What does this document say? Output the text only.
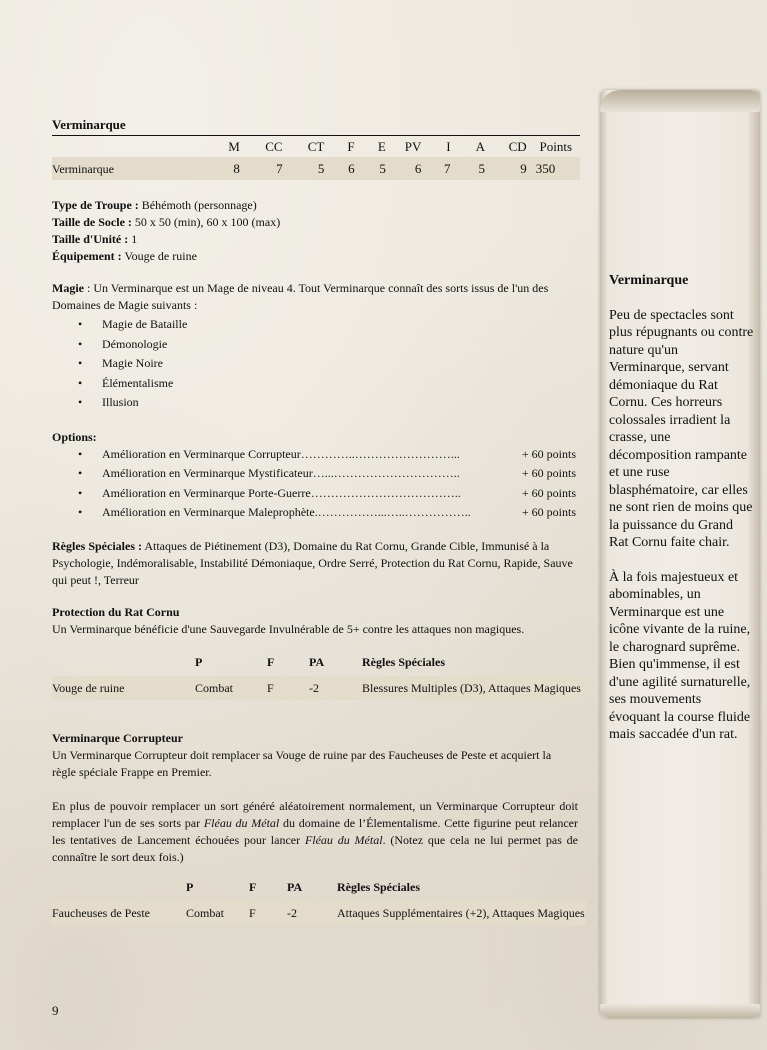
Verminarque
	M	CC	CT	F	E	PV	I	A	CD	Points
Verminarque	8	7	5	6	5	6	7	5	9	350
Type de Troupe : Béhémoth (personnage)
Taille de Socle : 50 x 50 (min), 60 x 100 (max)
Taille d'Unité : 1
Équipement : Vouge de ruine

Magie : Un Verminarque est un Mage de niveau 4. Tout Verminarque connaît des sorts issus de l'un des Domaines de Magie suivants :

• Magie de Bataille
• Démonologie
• Magie Noire
• Élémentalisme
• Illusion
Options:
• Amélioration en Verminarque Corrupteur…………..……………………...	+ 60 points
• Amélioration en Verminarque Mystificateur…...…………………………..	+ 60 points
• Amélioration en Verminarque Porte-Guerre………………………………..	+ 60 points
• Amélioration en Verminarque Maleprophète.……………...…..……………..	+ 60 points

Règles Spéciales : Attaques de Piétinement (D3), Domaine du Rat Cornu, Grande Cible, Immunisé à la Psychologie, Indémoralisable, Instabilité Démoniaque, Ordre Serré, Protection du Rat Cornu, Rapide, Sauve qui peut !, Terreur

Protection du Rat Cornu

Un Verminarque bénéficie d'une Sauvegarde Invulnérable de 5+ contre les attaques non magiques.

	P	F	PA	Règles Spéciales
Vouge de ruine	Combat	F	-2	Blessures Multiples (D3), Attaques Magiques
Verminarque Corrupteur

Un Verminarque Corrupteur doit remplacer sa Vouge de ruine par des Faucheuses de Peste et acquiert la règle spéciale Frappe en Premier.

En plus de pouvoir remplacer un sort généré aléatoirement normalement, un Verminarque Corrupteur doit remplacer l'un de ses sorts par Fléau du Métal du domaine de l’Élementalisme. Cette figurine peut relancer les tentatives de Lancement échouées pour lancer Fléau du Métal. (Notez que cela ne lui permet pas de connaître le sort deux fois.)

	P	F	PA	Règles Spéciales
Faucheuses de Peste	Combat	F	-2	Attaques Supplémentaires (+2), Attaques Magiques
Verminarque

Peu de spectacles sont plus répugnants ou contre nature qu'un Verminarque, servant démoniaque du Rat Cornu. Ces horreurs colossales irradient la crasse, une décomposition rampante et une ruse blasphématoire, car elles ne sont rien de moins que la puissance du Grand Rat Cornu faite chair.

À la fois majestueux et abominables, un Verminarque est une icône vivante de la ruine, le charognard suprême. Bien qu'immense, il est d'une agilité surnaturelle, ses mouvements évoquant la course fluide mais saccadée d'un rat.

9
